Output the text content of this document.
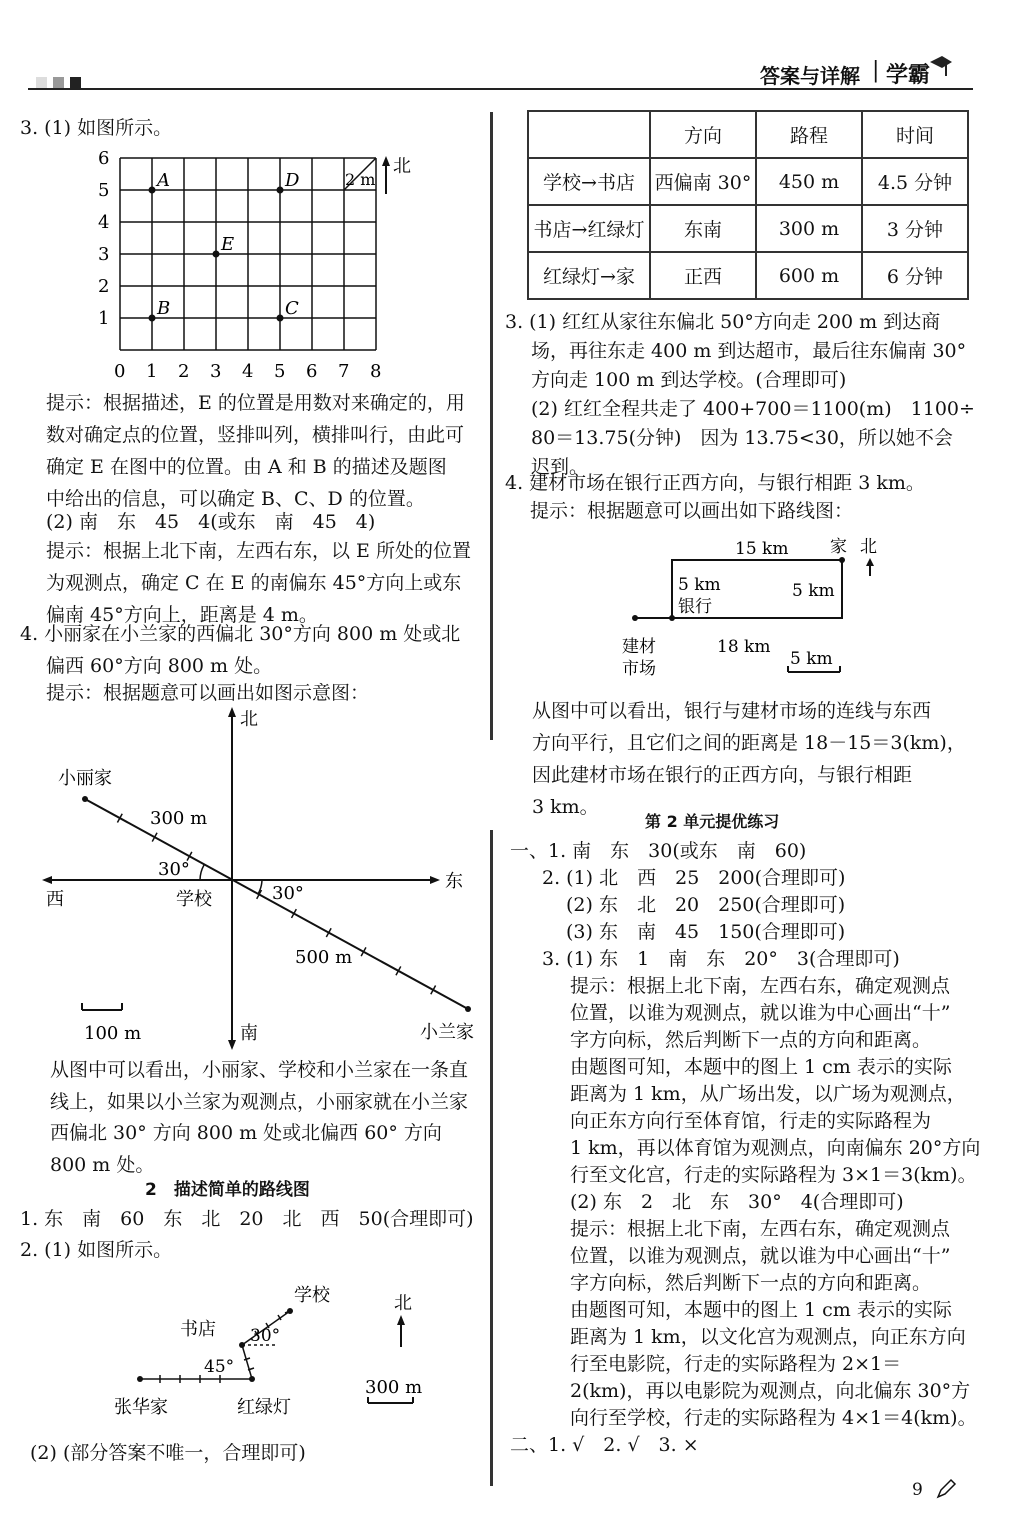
答案与详解 | 学霸
3. (1) 如图所示。
0 1 2 3 4 5 6 7 8
1
2
3
4
5
6
A	D
E
B	C
2 m
北
提示：根据描述，E 的位置是用数对来确定的，用
数对确定点的位置，竖排叫列，横排叫行，由此可
确定 E 在图中的位置。由 A 和 B 的描述及题图
中给出的信息，可以确定 B、C、D 的位置。
(2) 南　东　45　4(或东　南　45　4)
提示：根据上北下南，左西右东，以 E 所处的位置
为观测点，确定 C 在 E 的南偏东 45°方向上或东
偏南 45°方向上，距离是 4 m。
4. 小丽家在小兰家的西偏北 30°方向 800 m 处或北
偏西 60°方向 800 m 处。
提示：根据题意可以画出如图示意图：
北
南
东
西
小丽家
小兰家
学校
30°
30°
300 m
500 m
100 m
从图中可以看出，小丽家、学校和小兰家在一条直
线上，如果以小兰家为观测点，小丽家就在小兰家
西偏北 30° 方向 800 m 处或北偏西 60° 方向
800 m 处。
2　描述简单的路线图
1. 东　南　60　东　北　20　北　西　50(合理即可)
2. (1) 如图所示。
学校
书店 30°
45°
张华家	红绿灯
北
300 m
(2) (部分答案不唯一，合理即可)
	方向	路程	时间
学校→书店	西偏南 30°	450 m	4.5 分钟
书店→红绿灯	东南	300 m	3 分钟
红绿灯→家	正西	600 m	6 分钟
3. (1) 红红从家往东偏北 50°方向走 200 m 到达商
场，再往东走 400 m 到达超市，最后往东偏南 30°
方向走 100 m 到达学校。(合理即可)
(2) 红红全程共走了 400+700＝1100(m)　1100÷
80＝13.75(分钟)　因为 13.75<30，所以她不会
迟到。
4. 建材市场在银行正西方向，与银行相距 3 km。
提示：根据题意可以画出如下路线图：
15 km 家 北
5 km
银行
5 km
建材
市场
18 km
5 km
从图中可以看出，银行与建材市场的连线与东西
方向平行，且它们之间的距离是 18－15＝3(km)，
因此建材市场在银行的正西方向，与银行相距
3 km。
第 2 单元提优练习
一、1. 南　东　30(或东　南　60)
2. (1) 北　西　25　200(合理即可)
(2) 东　北　20　250(合理即可)
(3) 东　南　45　150(合理即可)
3. (1) 东　1　南　东　20°　3(合理即可)
提示：根据上北下南，左西右东，确定观测点
位置，以谁为观测点，就以谁为中心画出“十”
字方向标，然后判断下一点的方向和距离。
由题图可知，本题中的图上 1 cm 表示的实际
距离为 1 km，从广场出发，以广场为观测点，
向正东方向行至体育馆，行走的实际路程为
1 km，再以体育馆为观测点，向南偏东 20°方向
行至文化宫，行走的实际路程为 3×1＝3(km)。
(2) 东　2　北　东　30°　4(合理即可)
提示：根据上北下南，左西右东，确定观测点
位置，以谁为观测点，就以谁为中心画出“十”
字方向标，然后判断下一点的方向和距离。
由题图可知，本题中的图上 1 cm 表示的实际
距离为 1 km，以文化宫为观测点，向正东方向
行至电影院，行走的实际路程为 2×1＝
2(km)，再以电影院为观测点，向北偏东 30°方
向行至学校，行走的实际路程为 4×1＝4(km)。
二、1. √　2. √　3. ×
9
